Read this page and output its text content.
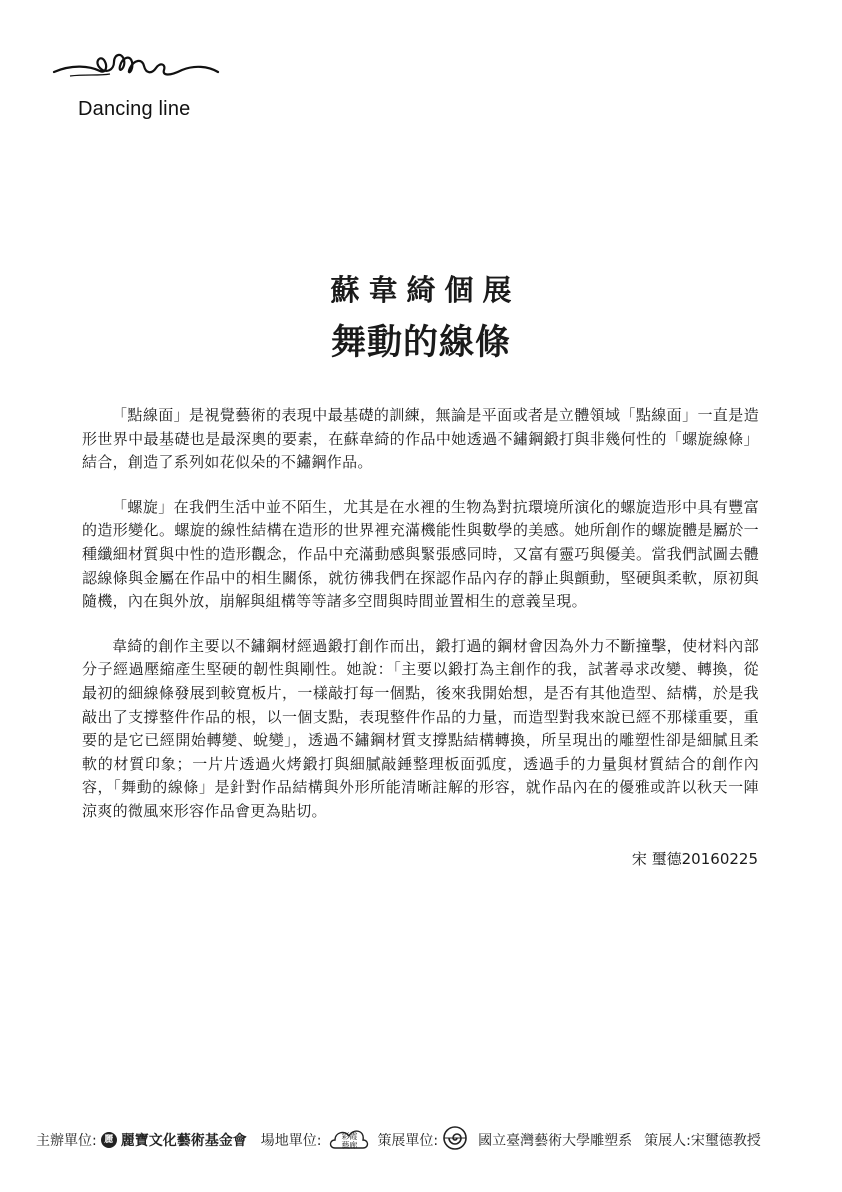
Dancing line
蘇韋綺個展
舞動的線條

「點線面」是視覺藝術的表現中最基礎的訓練，無論是平面或者是立體領域「點線面」一直是造形世界中最基礎也是最深奧的要素，在蘇韋綺的作品中她透過不鏽鋼鍛打與非幾何性的「螺旋線條」結合，創造了系列如花似朵的不鏽鋼作品。

「螺旋」在我們生活中並不陌生，尤其是在水裡的生物為對抗環境所演化的螺旋造形中具有豐富的造形變化。螺旋的線性結構在造形的世界裡充滿機能性與數學的美感。她所創作的螺旋體是屬於一種纖細材質與中性的造形觀念，作品中充滿動感與緊張感同時，又富有靈巧與優美。當我們試圖去體認線條與金屬在作品中的相生關係，就彷彿我們在探認作品內存的靜止與顫動，堅硬與柔軟，原初與隨機，內在與外放，崩解與組構等等諸多空間與時間並置相生的意義呈現。

韋綺的創作主要以不鏽鋼材經過鍛打創作而出，鍛打過的鋼材會因為外力不斷撞擊，使材料內部分子經過壓縮產生堅硬的韌性與剛性。她說：「主要以鍛打為主創作的我，試著尋求改變、轉換，從最初的細線條發展到較寬板片，一樣敲打每一個點，後來我開始想，是否有其他造型、結構，於是我敲出了支撐整件作品的根，以一個支點，表現整件作品的力量，而造型對我來說已經不那樣重要，重要的是它已經開始轉變、蛻變」，透過不鏽鋼材質支撐點結構轉換，所呈現出的雕塑性卻是細膩且柔軟的材質印象；一片片透過火烤鍛打與細膩敲錘整理板面弧度，透過手的力量與材質結合的創作內容，「舞動的線條」是針對作品結構與外形所能清晰註解的形容，就作品內在的優雅或許以秋天一陣涼爽的微風來形容作品會更為貼切。

宋 璽德20160225
主辦單位: 麗 麗寶文化藝術基金會 場地單位:	彩霞
藝廊	策展單位:	國立臺灣藝術大學雕塑系 策展人:宋璽德教授
